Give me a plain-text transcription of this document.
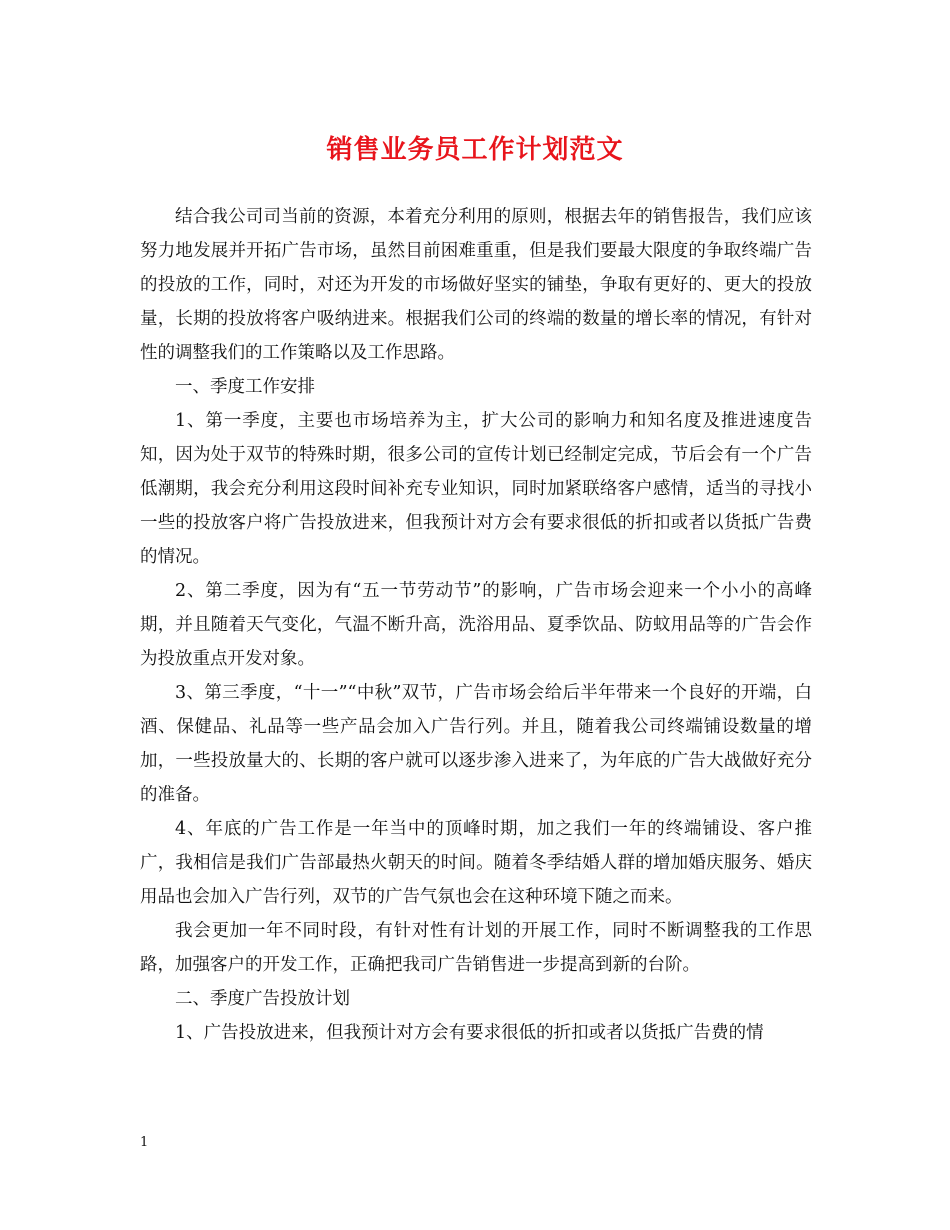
销售业务员工作计划范文

结合我公司司当前的资源，本着充分利用的原则，根据去年的销售报告，我们应该努力地发展并开拓广告市场，虽然目前困难重重，但是我们要最大限度的争取终端广告的投放的工作，同时，对还为开发的市场做好坚实的铺垫，争取有更好的、更大的投放量，长期的投放将客户吸纳进来。根据我们公司的终端的数量的增长率的情况，有针对性的调整我们的工作策略以及工作思路。

一、季度工作安排

1、第一季度，主要也市场培养为主，扩大公司的影响力和知名度及推进速度告知，因为处于双节的特殊时期，很多公司的宣传计划已经制定完成，节后会有一个广告低潮期，我会充分利用这段时间补充专业知识，同时加紧联络客户感情，适当的寻找小一些的投放客户将广告投放进来，但我预计对方会有要求很低的折扣或者以货抵广告费的情况。

2、第二季度，因为有“五一节劳动节”的影响，广告市场会迎来一个小小的高峰期，并且随着天气变化，气温不断升高，洗浴用品、夏季饮品、防蚊用品等的广告会作为投放重点开发对象。

3、第三季度，“十一”“中秋”双节，广告市场会给后半年带来一个良好的开端，白酒、保健品、礼品等一些产品会加入广告行列。并且，随着我公司终端铺设数量的增加，一些投放量大的、长期的客户就可以逐步渗入进来了，为年底的广告大战做好充分的准备。

4、年底的广告工作是一年当中的顶峰时期，加之我们一年的终端铺设、客户推广，我相信是我们广告部最热火朝天的时间。随着冬季结婚人群的增加婚庆服务、婚庆用品也会加入广告行列，双节的广告气氛也会在这种环境下随之而来。

我会更加一年不同时段，有针对性有计划的开展工作，同时不断调整我的工作思路，加强客户的开发工作，正确把我司广告销售进一步提高到新的台阶。

二、季度广告投放计划

1、广告投放进来，但我预计对方会有要求很低的折扣或者以货抵广告费的情

1
